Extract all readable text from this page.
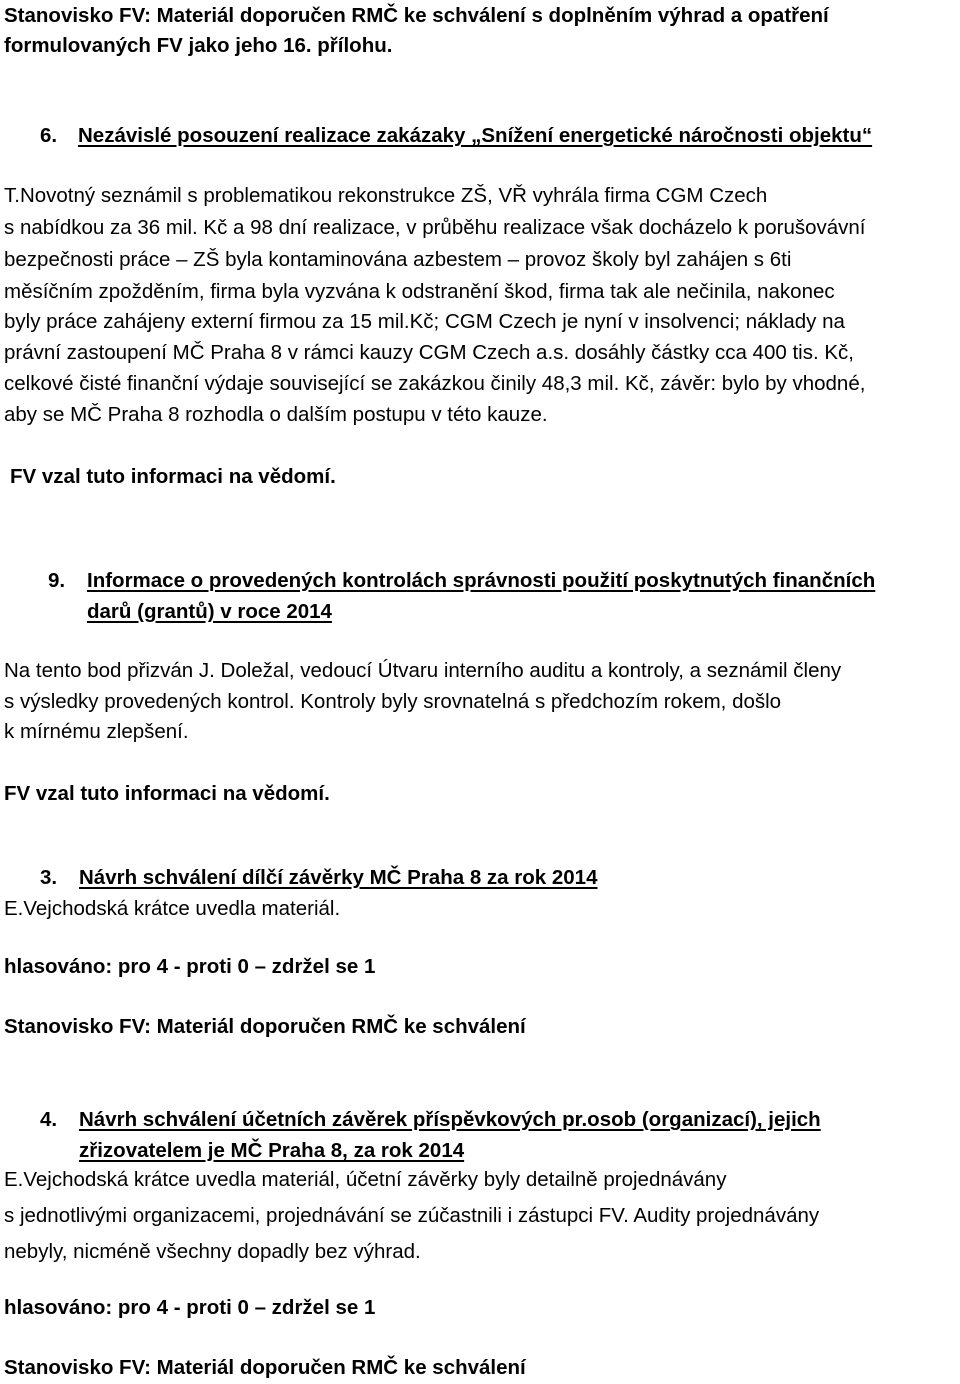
Stanovisko FV: Materiál doporučen RMČ ke schválení s doplněním výhrad a opatření
formulovaných FV jako jeho 16. přílohu.
6. Nezávislé posouzení realizace zakázaky „Snížení energetické náročnosti objektu“
T.Novotný seznámil s problematikou rekonstrukce ZŠ, VŘ vyhrála firma CGM Czech
s nabídkou za 36 mil. Kč a 98 dní realizace, v průběhu realizace však docházelo k porušovávní
bezpečnosti práce – ZŠ byla kontaminována azbestem – provoz školy byl zahájen s 6ti
měsíčním zpožděním, firma byla vyzvána k odstranění škod, firma tak ale nečinila, nakonec
byly práce zahájeny externí firmou za 15 mil.Kč; CGM Czech je nyní v insolvenci; náklady na
právní zastoupení MČ Praha 8 v rámci kauzy CGM Czech a.s. dosáhly částky cca 400 tis. Kč,
celkové čisté finanční výdaje související se zakázkou činily 48,3 mil. Kč, závěr: bylo by vhodné,
aby se MČ Praha 8 rozhodla o dalším postupu v této kauze.
FV vzal tuto informaci na vědomí.
9. Informace o provedených kontrolách správnosti použití poskytnutých finančních
darů (grantů) v roce 2014
Na tento bod přizván J. Doležal, vedoucí Útvaru interního auditu a kontroly, a seznámil členy
s výsledky provedených kontrol. Kontroly byly srovnatelná s předchozím rokem, došlo
k mírnému zlepšení.
FV vzal tuto informaci na vědomí.
3. Návrh schválení dílčí závěrky MČ Praha 8 za rok 2014
E.Vejchodská krátce uvedla materiál.
hlasováno: pro 4 - proti 0 – zdržel se 1
Stanovisko FV: Materiál doporučen RMČ ke schválení
4. Návrh schválení účetních závěrek příspěvkových pr.osob (organizací), jejich
zřizovatelem je MČ Praha 8, za rok 2014
E.Vejchodská krátce uvedla materiál, účetní závěrky byly detailně projednávány
s jednotlivými organizacemi, projednávání se zúčastnili i zástupci FV. Audity projednávány
nebyly, nicméně všechny dopadly bez výhrad.
hlasováno: pro 4 - proti 0 – zdržel se 1
Stanovisko FV: Materiál doporučen RMČ ke schválení
